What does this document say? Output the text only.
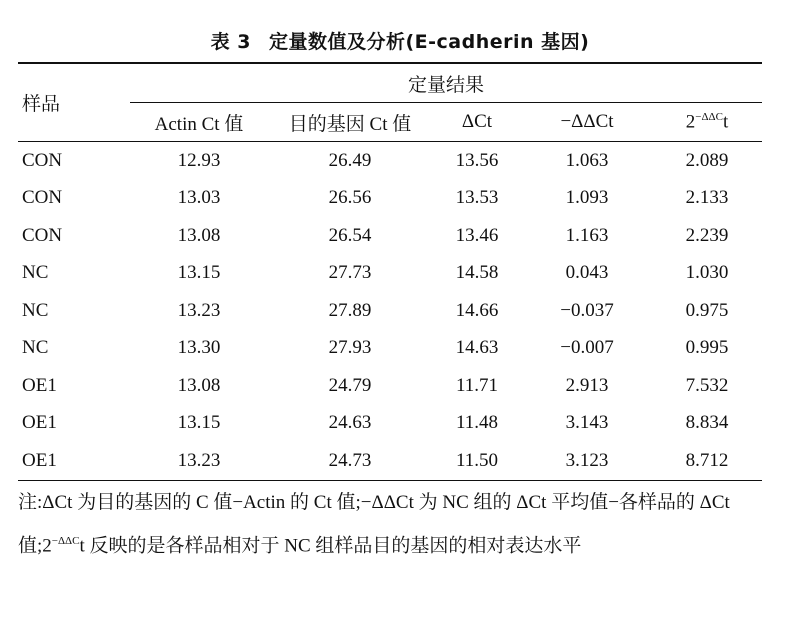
表 3 定量数值及分析(E-cadherin 基因)
样品	定量结果				
	Actin Ct 值	目的基因 Ct 值	ΔCt	−ΔΔCt	$2^{-\Delta\Delta C}t$
CON	12.93	26.49	13.56	1.063	2.089
CON	13.03	26.56	13.53	1.093	2.133
CON	13.08	26.54	13.46	1.163	2.239
NC	13.15	27.73	14.58	0.043	1.030
NC	13.23	27.89	14.66	−0.037	0.975
NC	13.30	27.93	14.63	−0.007	0.995
OE1	13.08	24.79	11.71	2.913	7.532
OE1	13.15	24.63	11.48	3.143	8.834
OE1	13.23	24.73	11.50	3.123	8.712
注:ΔCt 为目的基因的 C 值−Actin 的 Ct 值;−ΔΔCt 为 NC 组的 ΔCt 平均值−各样品的 ΔCt 值$;2^{-\Delta\Delta C}t$ 反映的是各样品相对于 NC 组样品目的基因的相对表达水平
